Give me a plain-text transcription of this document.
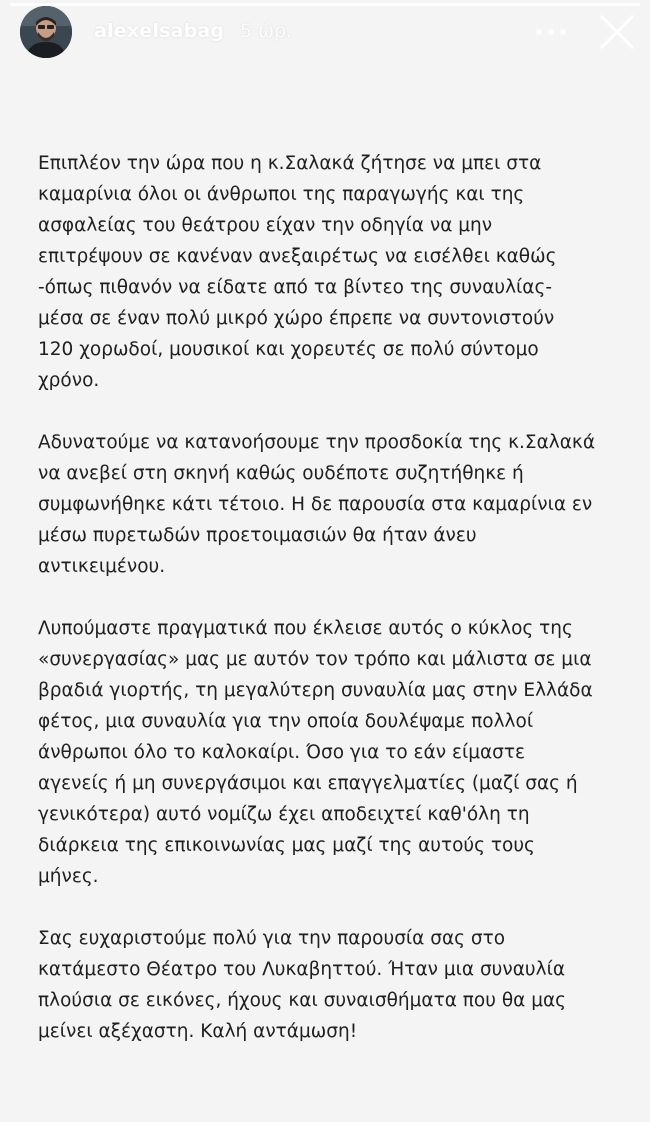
alexelsabag 5 ώρ.
Επιπλέον την ώρα που η κ.Σαλακά ζήτησε να μπει στα
καμαρίνια όλοι οι άνθρωποι της παραγωγής και της
ασφαλείας του θεάτρου είχαν την οδηγία να μην
επιτρέψουν σε κανέναν ανεξαιρέτως να εισέλθει καθώς
-όπως πιθανόν να είδατε από τα βίντεο της συναυλίας-
μέσα σε έναν πολύ μικρό χώρο έπρεπε να συντονιστούν
120 χορωδοί, μουσικοί και χορευτές σε πολύ σύντομο
χρόνο.
Αδυνατούμε να κατανοήσουμε την προσδοκία της κ.Σαλακά
να ανεβεί στη σκηνή καθώς ουδέποτε συζητήθηκε ή
συμφωνήθηκε κάτι τέτοιο. Η δε παρουσία στα καμαρίνια εν
μέσω πυρετωδών προετοιμασιών θα ήταν άνευ
αντικειμένου.
Λυπούμαστε πραγματικά που έκλεισε αυτός ο κύκλος της
«συνεργασίας» μας με αυτόν τον τρόπο και μάλιστα σε μια
βραδιά γιορτής, τη μεγαλύτερη συναυλία μας στην Ελλάδα
φέτος, μια συναυλία για την οποία δουλέψαμε πολλοί
άνθρωποι όλο το καλοκαίρι. Όσο για το εάν είμαστε
αγενείς ή μη συνεργάσιμοι και επαγγελματίες (μαζί σας ή
γενικότερα) αυτό νομίζω έχει αποδειχτεί καθ'όλη τη
διάρκεια της επικοινωνίας μας μαζί της αυτούς τους
μήνες.
Σας ευχαριστούμε πολύ για την παρουσία σας στο
κατάμεστο Θέατρο του Λυκαβηττού. Ήταν μια συναυλία
πλούσια σε εικόνες, ήχους και συναισθήματα που θα μας
μείνει αξέχαστη. Καλή αντάμωση!
